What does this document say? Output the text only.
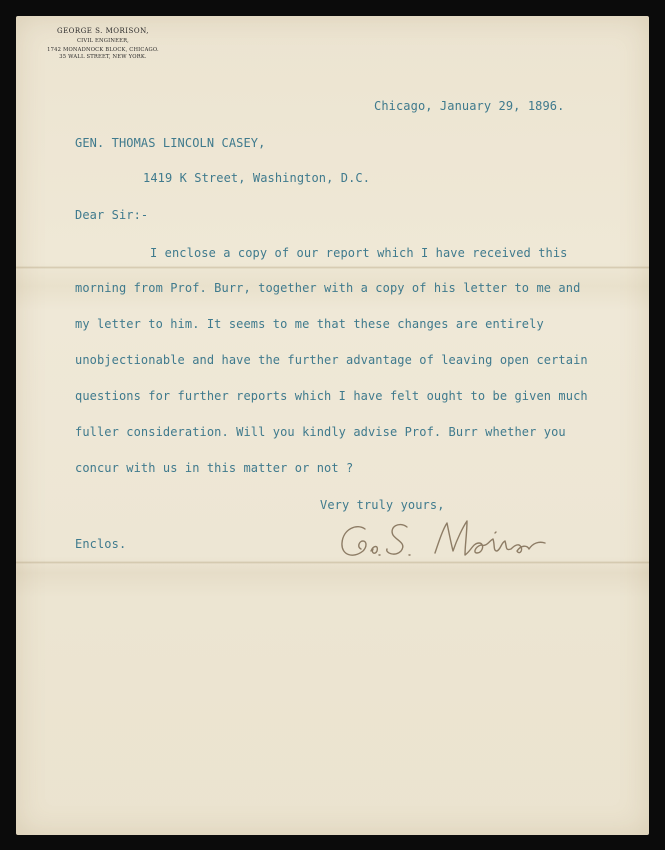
GEORGE S. MORISON,
CIVIL ENGINEER,
1742 MONADNOCK BLOCK, CHICAGO.
35 WALL STREET, NEW YORK.
Chicago, January 29, 1896.
GEN. THOMAS LINCOLN CASEY,
1419 K Street, Washington, D.C.
Dear Sir:-
I enclose a copy of our report which I have received this
morning from Prof. Burr, together with a copy of his letter to me and
my letter to him. It seems to me that these changes are entirely
unobjectionable and have the further advantage of leaving open certain
questions for further reports which I have felt ought to be given much
fuller consideration. Will you kindly advise Prof. Burr whether you
concur with us in this matter or not ?
Very truly yours,
Enclos.
